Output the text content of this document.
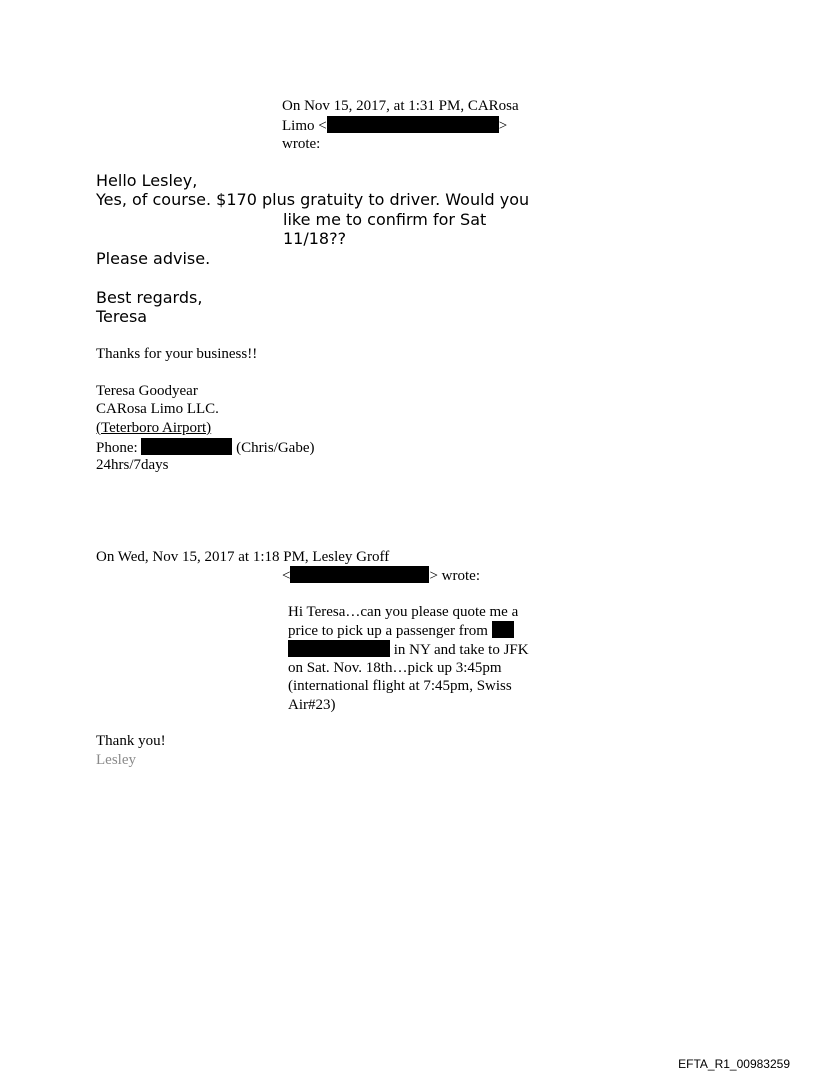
On Nov 15, 2017, at 1:31 PM, CARosa
Limo <	>
wrote:
Hello Lesley,
Yes, of course. $170 plus gratuity to driver. Would you
like me to confirm for Sat
11/18??
Please advise.
Best regards,
Teresa
Thanks for your business!!
Teresa Goodyear
CARosa Limo LLC.
(Teterboro Airport)
Phone:	(Chris/Gabe)
24hrs/7days
On Wed, Nov 15, 2017 at 1:18 PM, Lesley Groff
<	> wrote:
Hi Teresa…can you please quote me a
price to pick up a passenger from
in NY and take to JFK
on Sat. Nov. 18th…pick up 3:45pm
(international flight at 7:45pm, Swiss
Air#23)
Thank you!
Lesley
EFTA_R1_00983259
